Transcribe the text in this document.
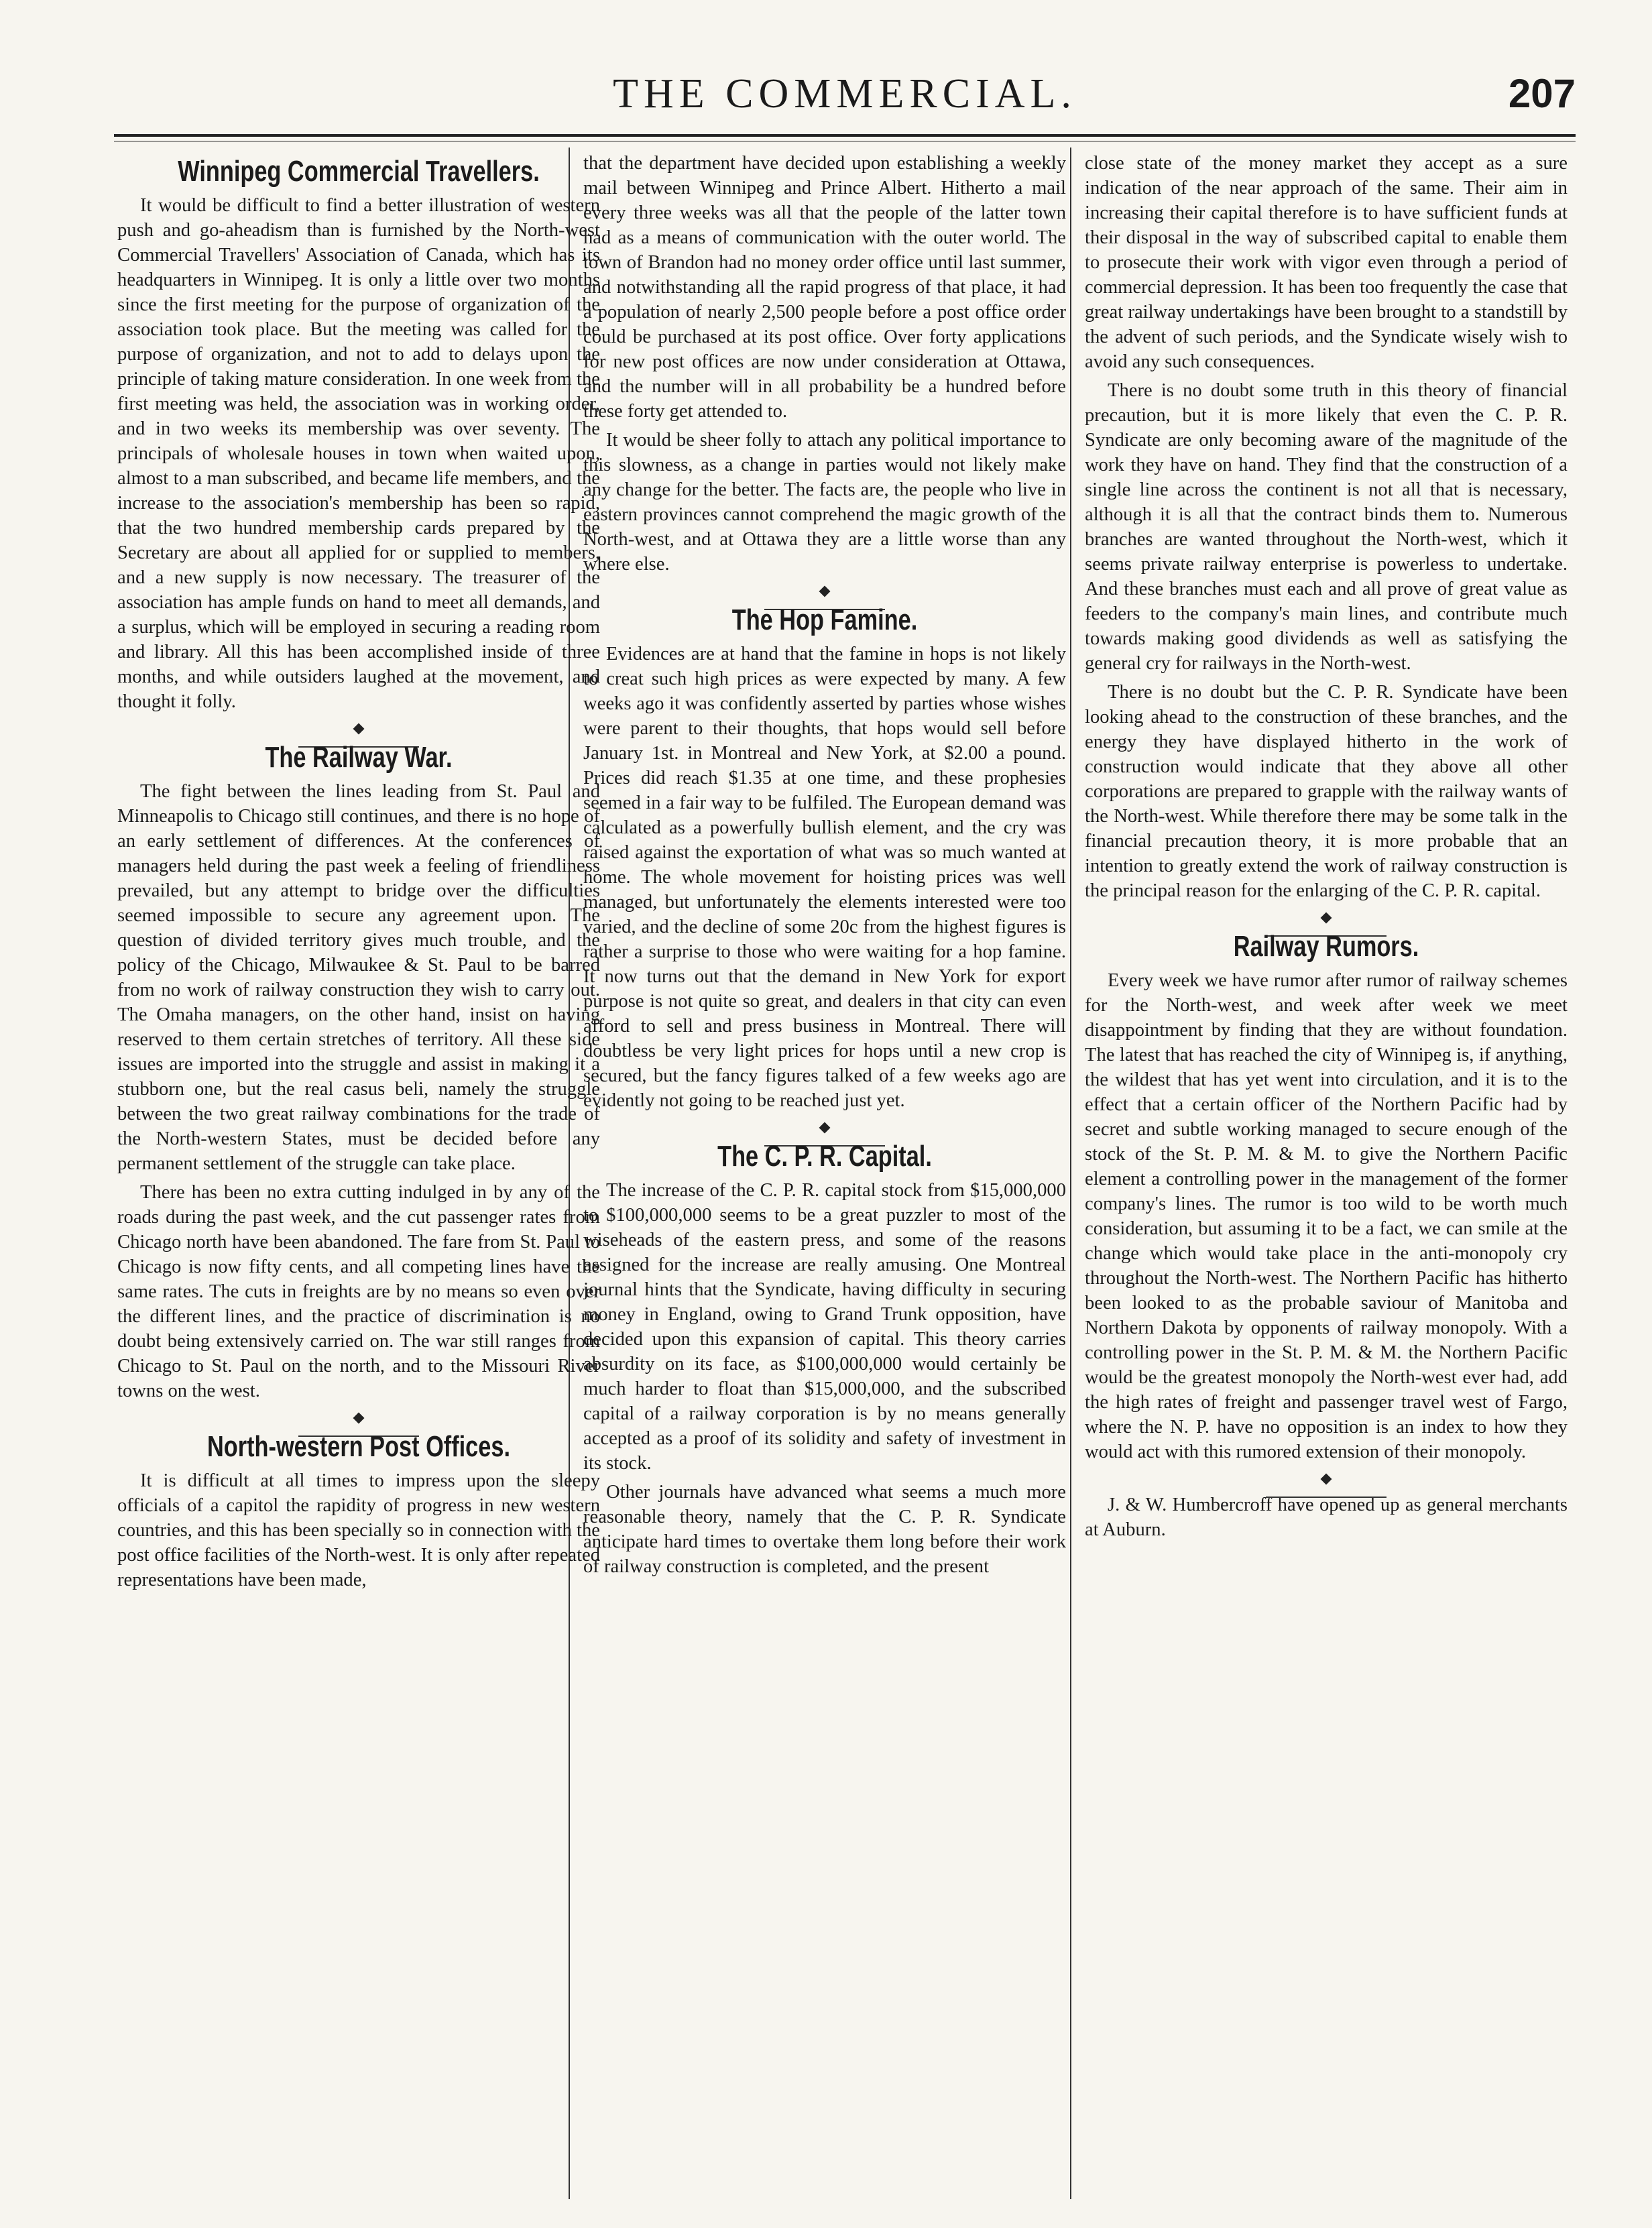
THE COMMERCIAL.	207
Winnipeg Commercial Travellers.

It would be difficult to find a better illustration of western push and go-aheadism than is furnished by the North-west Commercial Travellers' Association of Canada, which has its headquarters in Winnipeg. It is only a little over two months since the first meeting for the purpose of organization of the association took place. But the meeting was called for the purpose of organization, and not to add to delays upon the principle of taking mature consideration. In one week from the first meeting was held, the association was in working order, and in two weeks its membership was over seventy. The principals of wholesale houses in town when waited upon, almost to a man subscribed, and became life members, and the increase to the association's membership has been so rapid, that the two hundred membership cards prepared by the Secretary are about all applied for or supplied to members, and a new supply is now necessary. The treasurer of the association has ample funds on hand to meet all demands, and a surplus, which will be employed in securing a reading room and library. All this has been accomplished inside of three months, and while outsiders laughed at the movement, and thought it folly.

The Railway War.

The fight between the lines leading from St. Paul and Minneapolis to Chicago still continues, and there is no hope of an early settlement of differences. At the conferences of managers held during the past week a feeling of friendliness prevailed, but any attempt to bridge over the difficulties seemed impossible to secure any agreement upon. The question of divided territory gives much trouble, and the policy of the Chicago, Milwaukee & St. Paul to be barred from no work of railway construction they wish to carry out. The Omaha managers, on the other hand, insist on having reserved to them certain stretches of territory. All these side issues are imported into the struggle and assist in making it a stubborn one, but the real casus beli, namely the struggle between the two great railway combinations for the trade of the North-western States, must be decided before any permanent settlement of the struggle can take place.

There has been no extra cutting indulged in by any of the roads during the past week, and the cut passenger rates from Chicago north have been abandoned. The fare from St. Paul to Chicago is now fifty cents, and all competing lines have the same rates. The cuts in freights are by no means so even over the different lines, and the practice of discrimination is no doubt being extensively carried on. The war still ranges from Chicago to St. Paul on the north, and to the Missouri River towns on the west.

North-western Post Offices.

It is difficult at all times to impress upon the sleepy officials of a capitol the rapidity of progress in new western countries, and this has been specially so in connection with the post office facilities of the North-west. It is only after repeated representations have been made,

that the department have decided upon establishing a weekly mail between Winnipeg and Prince Albert. Hitherto a mail every three weeks was all that the people of the latter town had as a means of communication with the outer world. The town of Brandon had no money order office until last summer, and notwithstanding all the rapid progress of that place, it had a population of nearly 2,500 people before a post office order could be purchased at its post office. Over forty applications for new post offices are now under consideration at Ottawa, and the number will in all probability be a hundred before these forty get attended to.

It would be sheer folly to attach any political importance to this slowness, as a change in parties would not likely make any change for the better. The facts are, the people who live in eastern provinces cannot comprehend the magic growth of the North-west, and at Ottawa they are a little worse than any where else.

The Hop Famine.

Evidences are at hand that the famine in hops is not likely to creat such high prices as were expected by many. A few weeks ago it was confidently asserted by parties whose wishes were parent to their thoughts, that hops would sell before January 1st. in Montreal and New York, at $2.00 a pound. Prices did reach $1.35 at one time, and these prophesies seemed in a fair way to be fulfiled. The European demand was calculated as a powerfully bullish element, and the cry was raised against the exportation of what was so much wanted at home. The whole movement for hoisting prices was well managed, but unfortunately the elements interested were too varied, and the decline of some 20c from the highest figures is rather a surprise to those who were waiting for a hop famine. It now turns out that the demand in New York for export purpose is not quite so great, and dealers in that city can even afford to sell and press business in Montreal. There will doubtless be very light prices for hops until a new crop is secured, but the fancy figures talked of a few weeks ago are evidently not going to be reached just yet.

The C. P. R. Capital.

The increase of the C. P. R. capital stock from $15,000,000 to $100,000,000 seems to be a great puzzler to most of the wiseheads of the eastern press, and some of the reasons assigned for the increase are really amusing. One Montreal journal hints that the Syndicate, having difficulty in securing money in England, owing to Grand Trunk opposition, have decided upon this expansion of capital. This theory carries absurdity on its face, as $100,000,000 would certainly be much harder to float than $15,000,000, and the subscribed capital of a railway corporation is by no means generally accepted as a proof of its solidity and safety of investment in its stock.

Other journals have advanced what seems a much more reasonable theory, namely that the C. P. R. Syndicate anticipate hard times to overtake them long before their work of railway construction is completed, and the present

close state of the money market they accept as a sure indication of the near approach of the same. Their aim in increasing their capital therefore is to have sufficient funds at their disposal in the way of subscribed capital to enable them to prosecute their work with vigor even through a period of commercial depression. It has been too frequently the case that great railway undertakings have been brought to a standstill by the advent of such periods, and the Syndicate wisely wish to avoid any such consequences.

There is no doubt some truth in this theory of financial precaution, but it is more likely that even the C. P. R. Syndicate are only becoming aware of the magnitude of the work they have on hand. They find that the construction of a single line across the continent is not all that is necessary, although it is all that the contract binds them to. Numerous branches are wanted throughout the North-west, which it seems private railway enterprise is powerless to undertake. And these branches must each and all prove of great value as feeders to the company's main lines, and contribute much towards making good dividends as well as satisfying the general cry for railways in the North-west.

There is no doubt but the C. P. R. Syndicate have been looking ahead to the construction of these branches, and the energy they have displayed hitherto in the work of construction would indicate that they above all other corporations are prepared to grapple with the railway wants of the North-west. While therefore there may be some talk in the financial precaution theory, it is more probable that an intention to greatly extend the work of railway construction is the principal reason for the enlarging of the C. P. R. capital.

Railway Rumors.

Every week we have rumor after rumor of railway schemes for the North-west, and week after week we meet disappointment by finding that they are without foundation. The latest that has reached the city of Winnipeg is, if anything, the wildest that has yet went into circulation, and it is to the effect that a certain officer of the Northern Pacific had by secret and subtle working managed to secure enough of the stock of the St. P. M. & M. to give the Northern Pacific element a controlling power in the management of the former company's lines. The rumor is too wild to be worth much consideration, but assuming it to be a fact, we can smile at the change which would take place in the anti-monopoly cry throughout the North-west. The Northern Pacific has hitherto been looked to as the probable saviour of Manitoba and Northern Dakota by opponents of railway monopoly. With a controlling power in the St. P. M. & M. the Northern Pacific would be the greatest monopoly the North-west ever had, add the high rates of freight and passenger travel west of Fargo, where the N. P. have no opposition is an index to how they would act with this rumored extension of their monopoly.

J. & W. Humbercroff have opened up as general merchants at Auburn.
